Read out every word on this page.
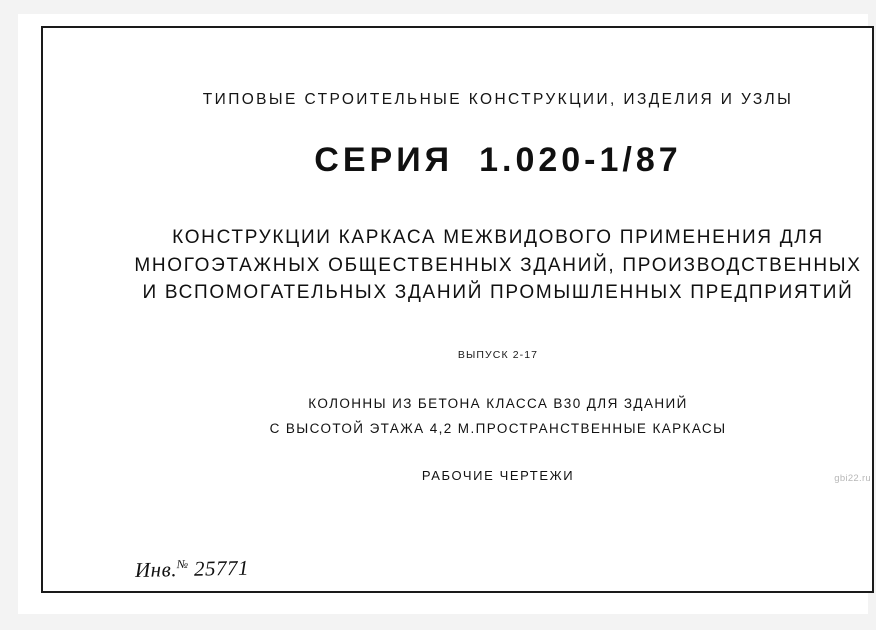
ТИПОВЫЕ СТРОИТЕЛЬНЫЕ КОНСТРУКЦИИ, ИЗДЕЛИЯ И УЗЛЫ
СЕРИЯ 1.020-1/87
КОНСТРУКЦИИ КАРКАСА МЕЖВИДОВОГО ПРИМЕНЕНИЯ ДЛЯ
МНОГОЭТАЖНЫХ ОБЩЕСТВЕННЫХ ЗДАНИЙ, ПРОИЗВОДСТВЕННЫХ
И ВСПОМОГАТЕЛЬНЫХ ЗДАНИЙ ПРОМЫШЛЕННЫХ ПРЕДПРИЯТИЙ
ВЫПУСК 2-17
КОЛОННЫ ИЗ БЕТОНА КЛАССА В30 ДЛЯ ЗДАНИЙ
С ВЫСОТОЙ ЭТАЖА 4,2 М.ПРОСТРАНСТВЕННЫЕ КАРКАСЫ
РАБОЧИЕ ЧЕРТЕЖИ	gbi22.ru
Инв.№ 25771
